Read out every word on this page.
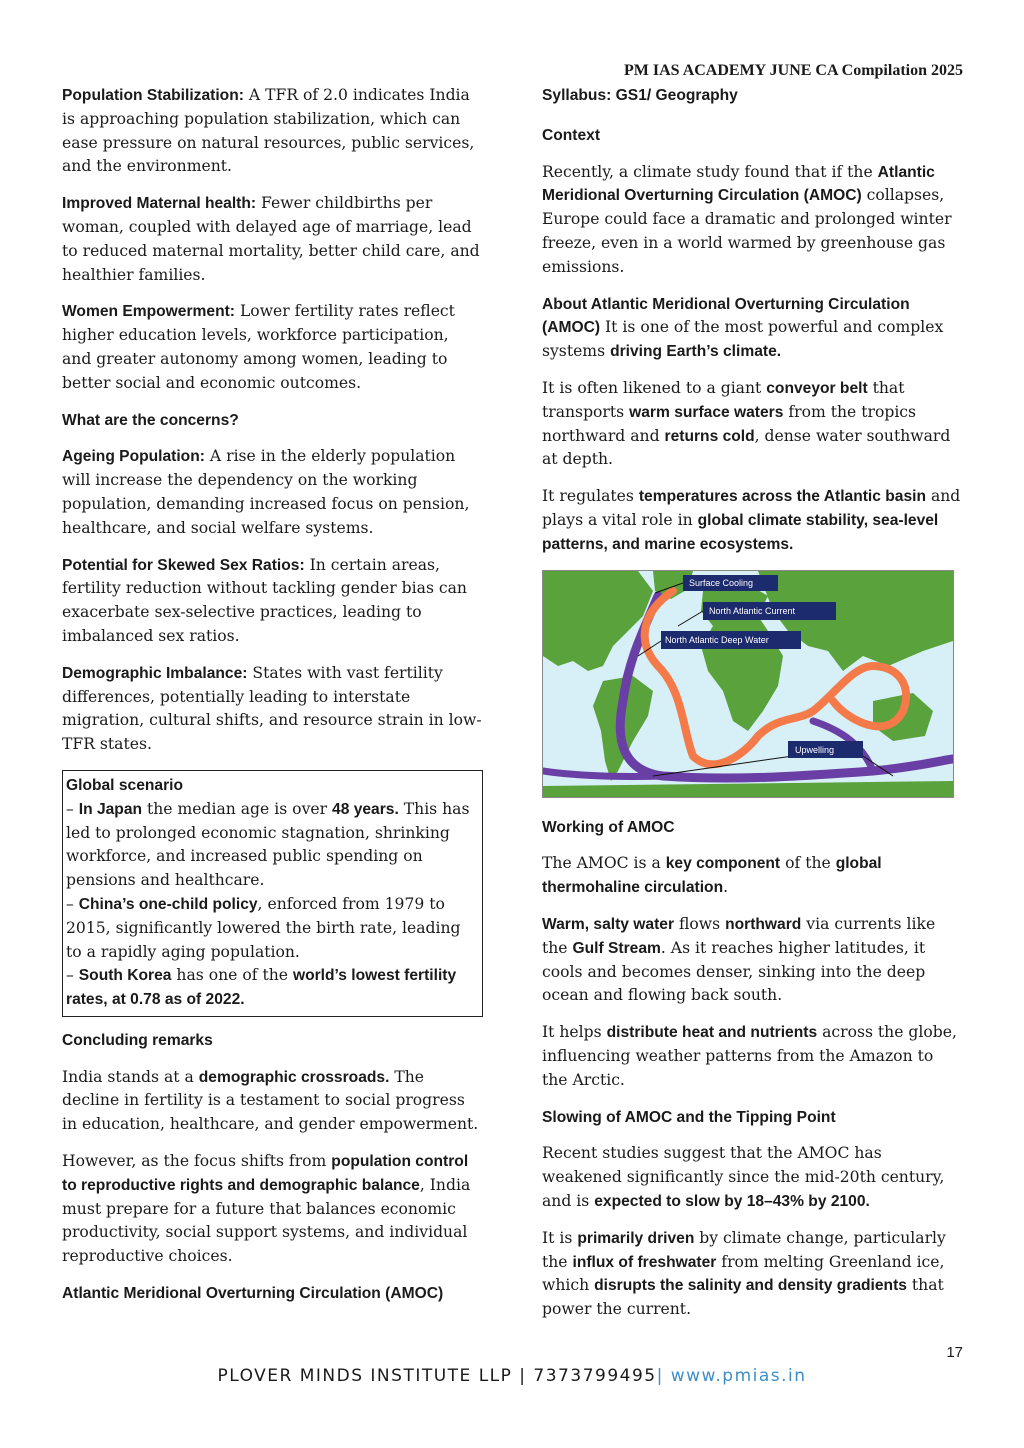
PM IAS ACADEMY JUNE CA Compilation 2025

Population Stabilization: A TFR of 2.0 indicates India is approaching population stabilization, which can ease pressure on natural resources, public services, and the environment.

Improved Maternal health: Fewer childbirths per woman, coupled with delayed age of marriage, lead to reduced maternal mortality, better child care, and healthier families.

Women Empowerment: Lower fertility rates reflect higher education levels, workforce participation, and greater autonomy among women, leading to better social and economic outcomes.

What are the concerns?

Ageing Population: A rise in the elderly population will increase the dependency on the working population, demanding increased focus on pension, healthcare, and social welfare systems.

Potential for Skewed Sex Ratios: In certain areas, fertility reduction without tackling gender bias can exacerbate sex-selective practices, leading to imbalanced sex ratios.

Demographic Imbalance: States with vast fertility differences, potentially leading to interstate migration, cultural shifts, and resource strain in low-TFR states.

Global scenario
– In Japan the median age is over 48 years. This has led to prolonged economic stagnation, shrinking workforce, and increased public spending on pensions and healthcare.
– China’s one-child policy, enforced from 1979 to 2015, significantly lowered the birth rate, leading to a rapidly aging population.
– South Korea has one of the world’s lowest fertility rates, at 0.78 as of 2022.

Concluding remarks

India stands at a demographic crossroads. The decline in fertility is a testament to social progress in education, healthcare, and gender empowerment.

However, as the focus shifts from population control to reproductive rights and demographic balance, India must prepare for a future that balances economic productivity, social support systems, and individual reproductive choices.

Atlantic Meridional Overturning Circulation (AMOC)

Syllabus: GS1/ Geography

Context

Recently, a climate study found that if the Atlantic Meridional Overturning Circulation (AMOC) collapses, Europe could face a dramatic and prolonged winter freeze, even in a world warmed by greenhouse gas emissions.

About Atlantic Meridional Overturning Circulation (AMOC) It is one of the most powerful and complex systems driving Earth’s climate.

It is often likened to a giant conveyor belt that transports warm surface waters from the tropics northward and returns cold, dense water southward at depth.

It regulates temperatures across the Atlantic basin and plays a vital role in global climate stability, sea-level patterns, and marine ecosystems.

Surface Cooling
North Atlantic Current
North Atlantic Deep Water
Upwelling

Working of AMOC

The AMOC is a key component of the global thermohaline circulation.

Warm, salty water flows northward via currents like the Gulf Stream. As it reaches higher latitudes, it cools and becomes denser, sinking into the deep ocean and flowing back south.

It helps distribute heat and nutrients across the globe, influencing weather patterns from the Amazon to the Arctic.

Slowing of AMOC and the Tipping Point

Recent studies suggest that the AMOC has weakened significantly since the mid-20th century, and is expected to slow by 18–43% by 2100.

It is primarily driven by climate change, particularly the influx of freshwater from melting Greenland ice, which disrupts the salinity and density gradients that power the current.

17
PLOVER MINDS INSTITUTE LLP | 7373799495| www.pmias.in
